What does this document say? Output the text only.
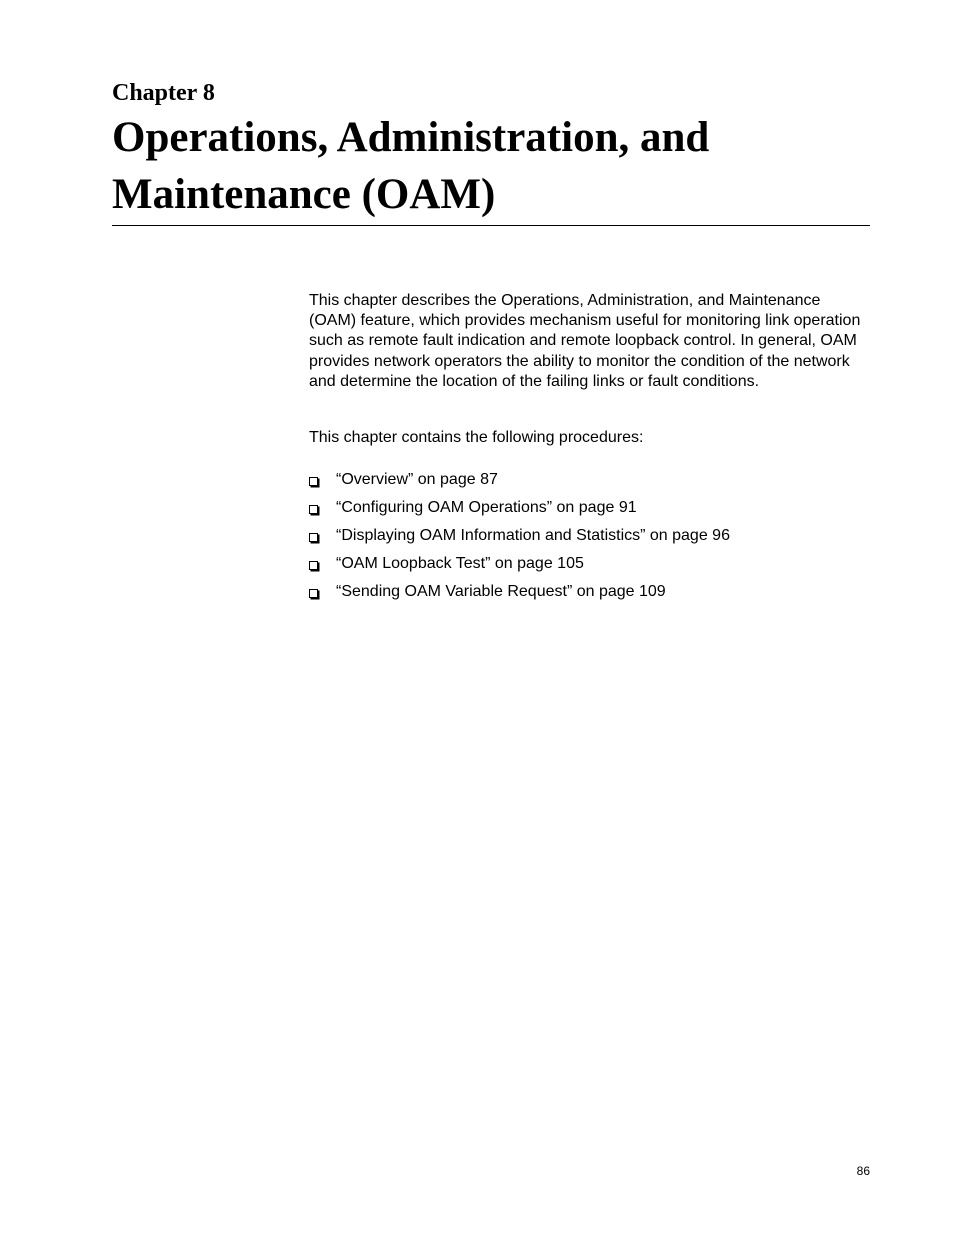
Chapter 8

Operations, Administration, and
Maintenance (OAM)

This chapter describes the Operations, Administration, and Maintenance (OAM) feature, which provides mechanism useful for monitoring link operation such as remote fault indication and remote loopback control. In general, OAM provides network operators the ability to monitor the condition of the network and determine the location of the failing links or fault conditions.

This chapter contains the following procedures:

“Overview” on page 87
“Configuring OAM Operations” on page 91
“Displaying OAM Information and Statistics” on page 96
“OAM Loopback Test” on page 105
“Sending OAM Variable Request” on page 109

86
